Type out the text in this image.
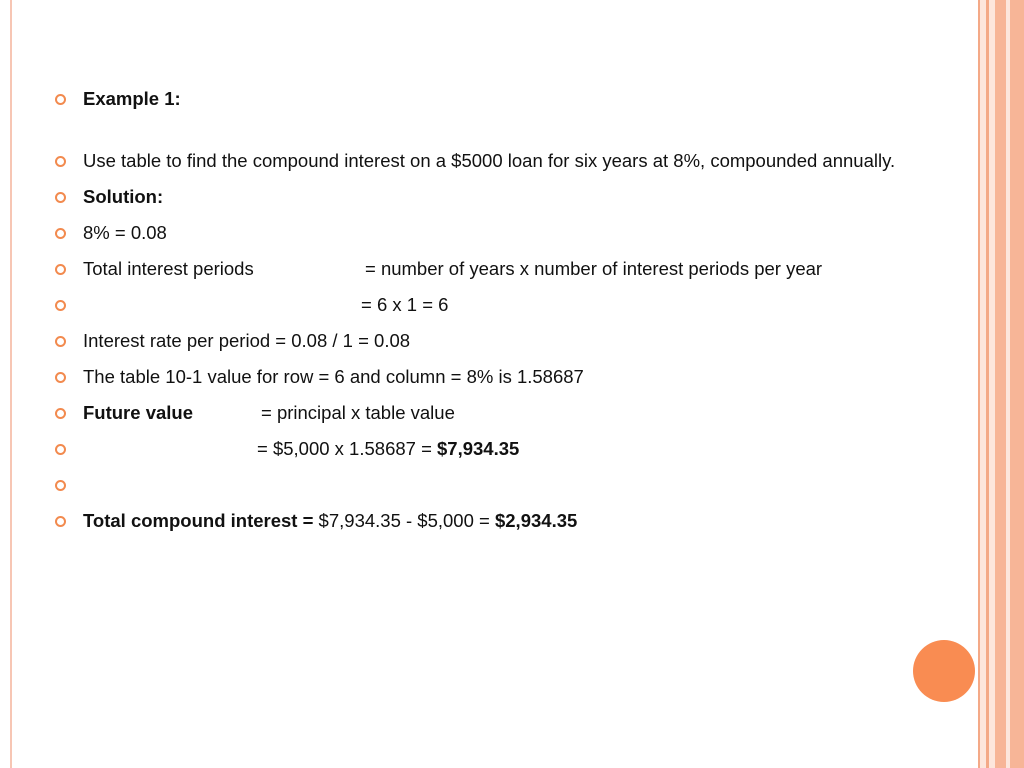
Example 1:
Use table to find the compound interest on a $5000 loan for six years at 8%, compounded annually.
Solution:
8% = 0.08
Total interest periods	= number of years x number of interest periods per year
= 6 x 1 = 6
Interest rate per period = 0.08 / 1 = 0.08
The table 10-1 value for row = 6 and column = 8% is 1.58687
Future value	= principal x table value
= $5,000 x 1.58687 = $7,934.35
Total compound interest = $7,934.35 - $5,000 = $2,934.35
